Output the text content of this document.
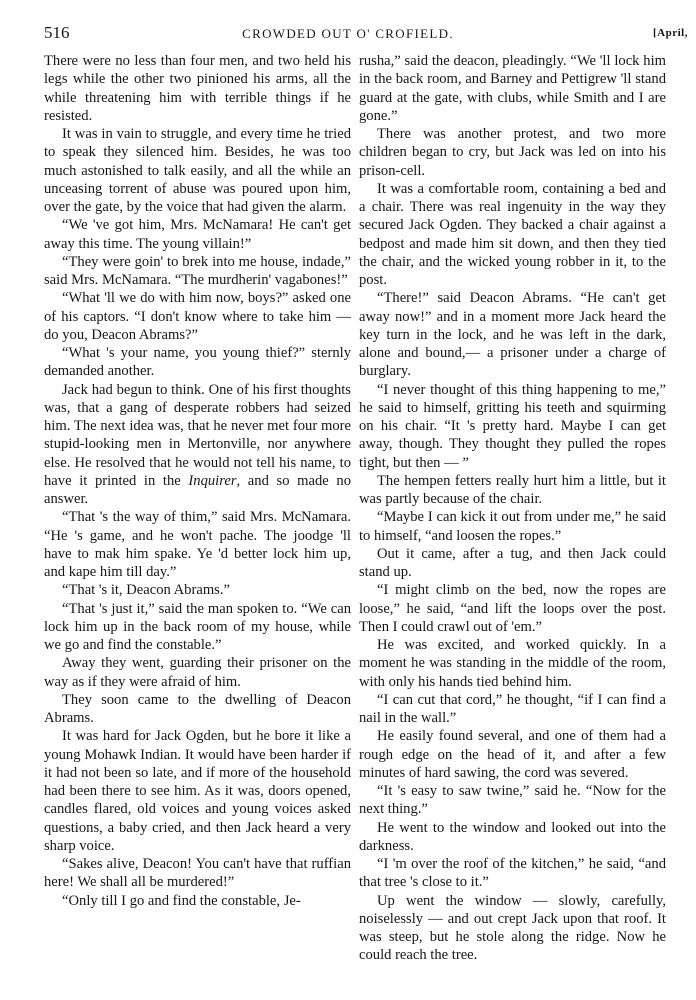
516	CROWDED OUT O' CROFIELD.	[April,

There were no less than four men, and two held his legs while the other two pinioned his arms, all the while threatening him with terrible things if he resisted.

It was in vain to struggle, and every time he tried to speak they silenced him. Besides, he was too much astonished to talk easily, and all the while an unceasing torrent of abuse was poured upon him, over the gate, by the voice that had given the alarm.

“We 've got him, Mrs. McNamara! He can't get away this time. The young villain!”

“They were goin' to brek into me house, indade,” said Mrs. McNamara. “The murdherin' vagabones!”

“What 'll we do with him now, boys?” asked one of his captors. “I don't know where to take him — do you, Deacon Abrams?”

“What 's your name, you young thief?” sternly demanded another.

Jack had begun to think. One of his first thoughts was, that a gang of desperate robbers had seized him. The next idea was, that he never met four more stupid-looking men in Mertonville, nor anywhere else. He resolved that he would not tell his name, to have it printed in the Inquirer, and so made no answer.

“That 's the way of thim,” said Mrs. McNamara. “He 's game, and he won't pache. The joodge 'll have to mak him spake. Ye 'd better lock him up, and kape him till day.”

“That 's it, Deacon Abrams.”

“That 's just it,” said the man spoken to. “We can lock him up in the back room of my house, while we go and find the constable.”

Away they went, guarding their prisoner on the way as if they were afraid of him.

They soon came to the dwelling of Deacon Abrams.

It was hard for Jack Ogden, but he bore it like a young Mohawk Indian. It would have been harder if it had not been so late, and if more of the household had been there to see him. As it was, doors opened, candles flared, old voices and young voices asked questions, a baby cried, and then Jack heard a very sharp voice.

“Sakes alive, Deacon! You can't have that ruffian here! We shall all be murdered!”

“Only till I go and find the constable, Je-

rusha,” said the deacon, pleadingly. “We 'll lock him in the back room, and Barney and Pettigrew 'll stand guard at the gate, with clubs, while Smith and I are gone.”

There was another protest, and two more children began to cry, but Jack was led on into his prison-cell.

It was a comfortable room, containing a bed and a chair. There was real ingenuity in the way they secured Jack Ogden. They backed a chair against a bedpost and made him sit down, and then they tied the chair, and the wicked young robber in it, to the post.

“There!” said Deacon Abrams. “He can't get away now!” and in a moment more Jack heard the key turn in the lock, and he was left in the dark, alone and bound,— a prisoner under a charge of burglary.

“I never thought of this thing happening to me,” he said to himself, gritting his teeth and squirming on his chair. “It 's pretty hard. Maybe I can get away, though. They thought they pulled the ropes tight, but then — ”

The hempen fetters really hurt him a little, but it was partly because of the chair.

“Maybe I can kick it out from under me,” he said to himself, “and loosen the ropes.”

Out it came, after a tug, and then Jack could stand up.

“I might climb on the bed, now the ropes are loose,” he said, “and lift the loops over the post. Then I could crawl out of 'em.”

He was excited, and worked quickly. In a moment he was standing in the middle of the room, with only his hands tied behind him.

“I can cut that cord,” he thought, “if I can find a nail in the wall.”

He easily found several, and one of them had a rough edge on the head of it, and after a few minutes of hard sawing, the cord was severed.

“It 's easy to saw twine,” said he. “Now for the next thing.”

He went to the window and looked out into the darkness.

“I 'm over the roof of the kitchen,” he said, “and that tree 's close to it.”

Up went the window — slowly, carefully, noiselessly — and out crept Jack upon that roof. It was steep, but he stole along the ridge. Now he could reach the tree.
